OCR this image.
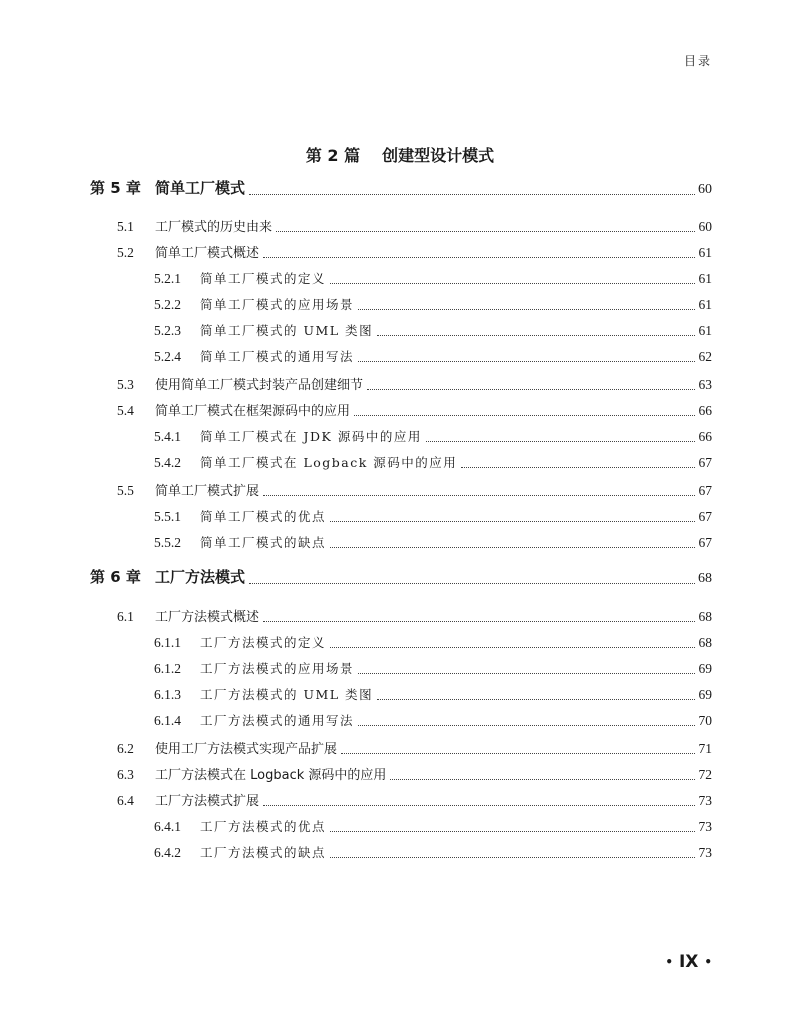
目录
第 2 篇 创建型设计模式
第 5 章 简单工厂模式	60
5.1 工厂模式的历史由来	60
5.2 简单工厂模式概述	61
5.2.1 简单工厂模式的定义	61
5.2.2 简单工厂模式的应用场景	61
5.2.3 简单工厂模式的 UML 类图	61
5.2.4 简单工厂模式的通用写法	62
5.3 使用简单工厂模式封装产品创建细节	63
5.4 简单工厂模式在框架源码中的应用	66
5.4.1 简单工厂模式在 JDK 源码中的应用	66
5.4.2 简单工厂模式在 Logback 源码中的应用	67
5.5 简单工厂模式扩展	67
5.5.1 简单工厂模式的优点	67
5.5.2 简单工厂模式的缺点	67
第 6 章 工厂方法模式	68
6.1 工厂方法模式概述	68
6.1.1 工厂方法模式的定义	68
6.1.2 工厂方法模式的应用场景	69
6.1.3 工厂方法模式的 UML 类图	69
6.1.4 工厂方法模式的通用写法	70
6.2 使用工厂方法模式实现产品扩展	71
6.3 工厂方法模式在 Logback 源码中的应用	72
6.4 工厂方法模式扩展	73
6.4.1 工厂方法模式的优点	73
6.4.2 工厂方法模式的缺点	73
• IX •
